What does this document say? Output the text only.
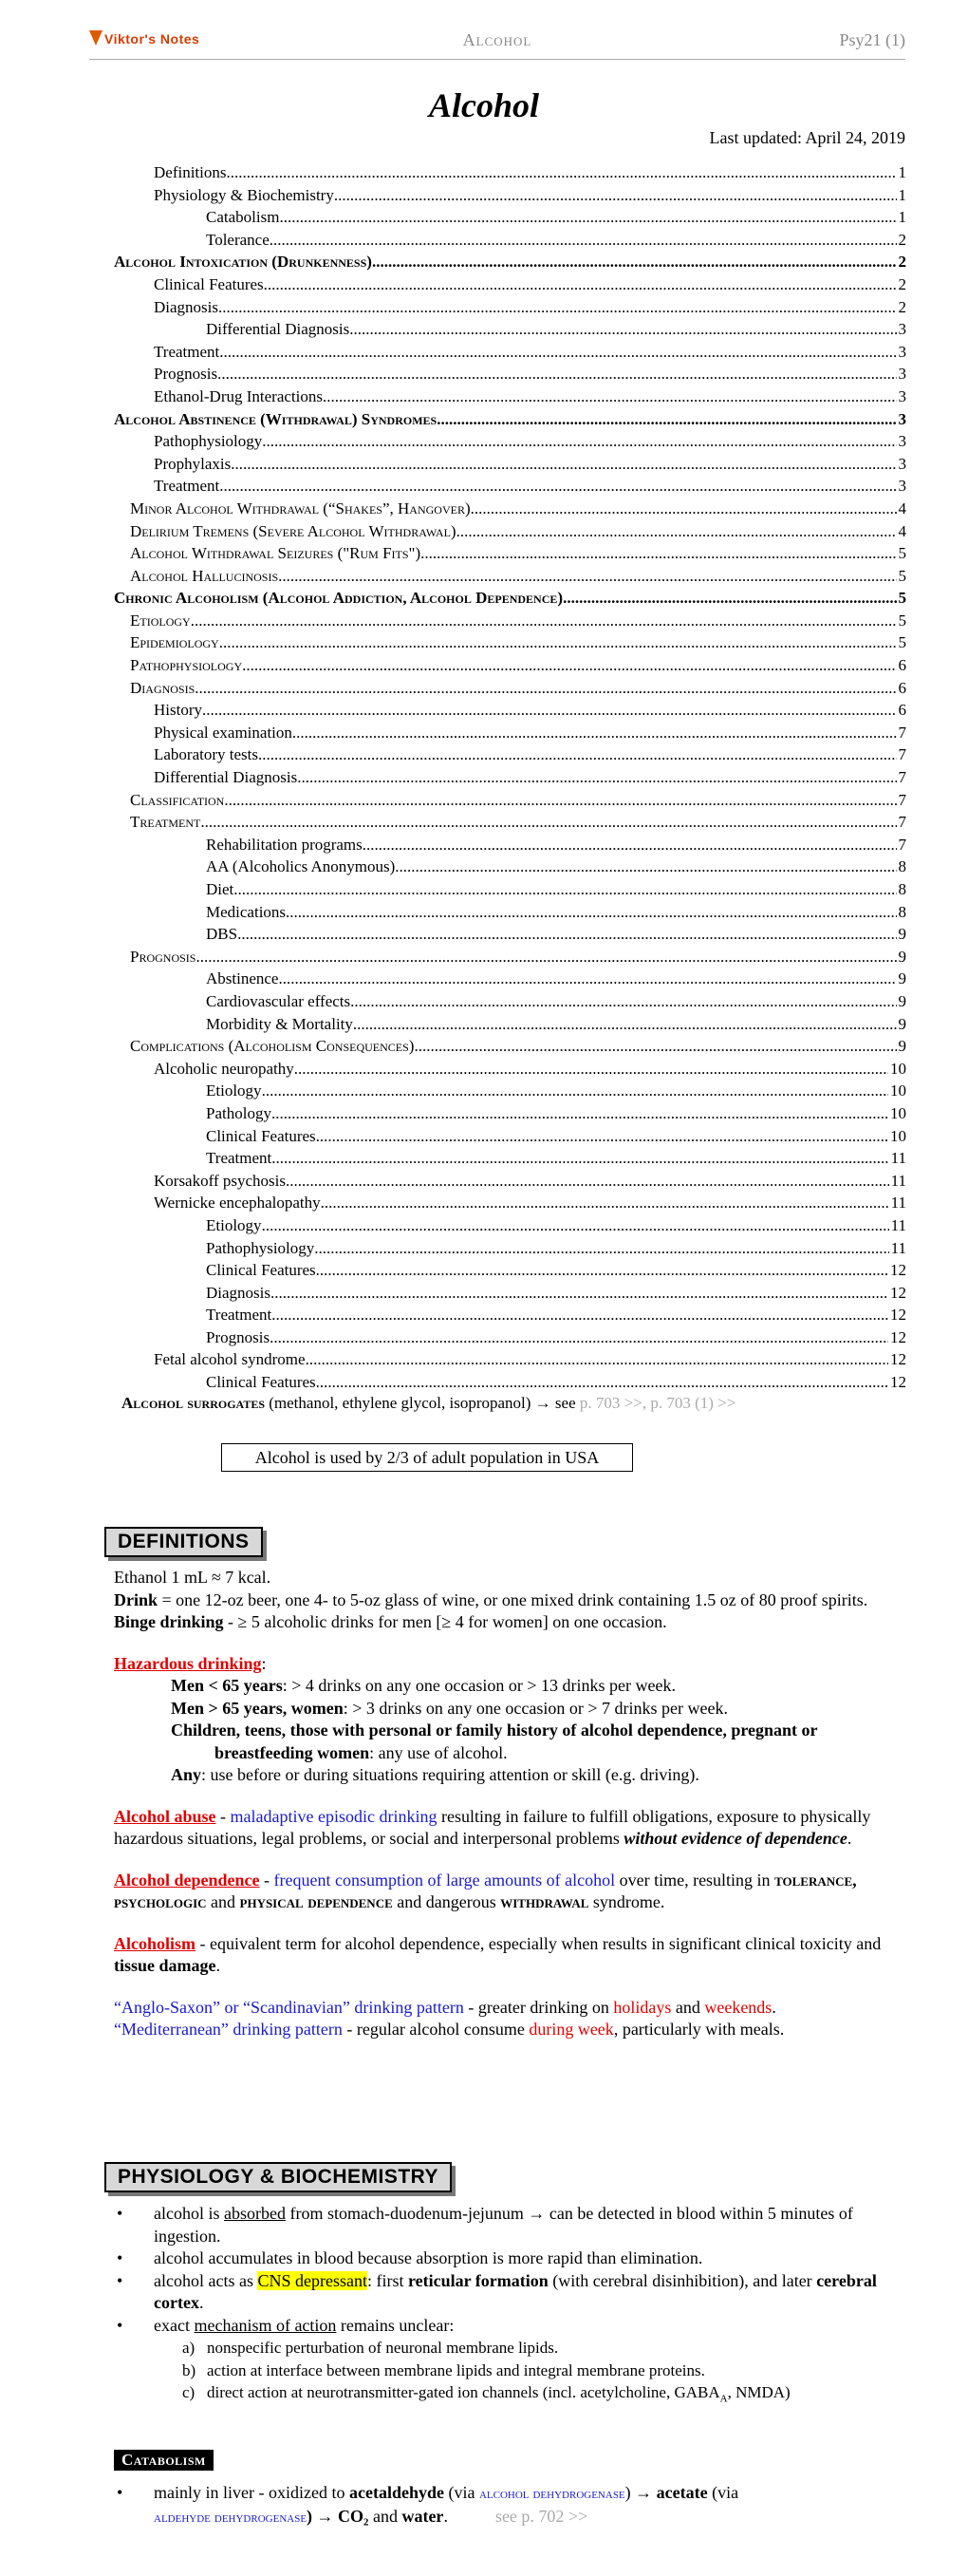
Viktor's Notes	Alcohol	Psy21 (1)
Alcohol
Last updated: April 24, 2019
Definitions .....	1
Physiology & Biochemistry .....	1
Catabolism .....	1
Tolerance .....	2
Alcohol Intoxication (Drunkenness) .....	2
Clinical Features .....	2
Diagnosis .....	2
Differential Diagnosis .....	3
Treatment .....	3
Prognosis .....	3
Ethanol-Drug Interactions .....	3
Alcohol Abstinence (Withdrawal) Syndromes .....	3
Pathophysiology .....	3
Prophylaxis .....	3
Treatment .....	3
Minor Alcohol Withdrawal (“Shakes”, Hangover) .....	4
Delirium Tremens (Severe Alcohol Withdrawal) .....	4
Alcohol Withdrawal Seizures ("Rum Fits") .....	5
Alcohol Hallucinosis .....	5
Chronic Alcoholism (Alcohol Addiction, Alcohol Dependence) .....	5
Etiology .....	5
Epidemiology .....	5
Pathophysiology .....	6
Diagnosis .....	6
History .....	6
Physical examination .....	7
Laboratory tests .....	7
Differential Diagnosis .....	7
Classification .....	7
Treatment .....	7
Rehabilitation programs .....	7
AA (Alcoholics Anonymous) .....	8
Diet .....	8
Medications .....	8
DBS .....	9
Prognosis .....	9
Abstinence .....	9
Cardiovascular effects .....	9
Morbidity & Mortality .....	9
Complications (Alcoholism Consequences) .....	9
Alcoholic neuropathy .....	10
Etiology .....	10
Pathology .....	10
Clinical Features .....	10
Treatment .....	11
Korsakoff psychosis .....	11
Wernicke encephalopathy .....	11
Etiology .....	11
Pathophysiology .....	11
Clinical Features .....	12
Diagnosis .....	12
Treatment .....	12
Prognosis .....	12
Fetal alcohol syndrome .....	12
Clinical Features .....	12
Alcohol surrogates (methanol, ethylene glycol, isopropanol) → see p. 703 >>, p. 703 (1) >>
Alcohol is used by 2/3 of adult population in USA
DEFINITIONS
Ethanol 1 mL ≈ 7 kcal.
Drink = one 12-oz beer, one 4- to 5-oz glass of wine, or one mixed drink containing 1.5 oz of 80 proof spirits.
Binge drinking - ≥ 5 alcoholic drinks for men [≥ 4 for women] on one occasion.
Hazardous drinking:
Men < 65 years: > 4 drinks on any one occasion or > 13 drinks per week.
Men > 65 years, women: > 3 drinks on any one occasion or > 7 drinks per week.
Children, teens, those with personal or family history of alcohol dependence, pregnant or breastfeeding women: any use of alcohol.
Any: use before or during situations requiring attention or skill (e.g. driving).
Alcohol abuse - maladaptive episodic drinking resulting in failure to fulfill obligations, exposure to physically hazardous situations, legal problems, or social and interpersonal problems without evidence of dependence.
Alcohol dependence - frequent consumption of large amounts of alcohol over time, resulting in tolerance, psychologic and physical dependence and dangerous withdrawal syndrome.
Alcoholism - equivalent term for alcohol dependence, especially when results in significant clinical toxicity and tissue damage.
“Anglo-Saxon” or “Scandinavian” drinking pattern - greater drinking on holidays and weekends.
“Mediterranean” drinking pattern - regular alcohol consume during week, particularly with meals.
PHYSIOLOGY & BIOCHEMISTRY
• alcohol is absorbed from stomach-duodenum-jejunum → can be detected in blood within 5 minutes of ingestion.
• alcohol accumulates in blood because absorption is more rapid than elimination.
• alcohol acts as CNS depressant: first reticular formation (with cerebral disinhibition), and later cerebral cortex.
• exact mechanism of action remains unclear:
a) nonspecific perturbation of neuronal membrane lipids.
b) action at interface between membrane lipids and integral membrane proteins.
c) direct action at neurotransmitter-gated ion channels (incl. acetylcholine, $GABA_A$, NMDA)
Catabolism
• mainly in liver - oxidized to acetaldehyde (via alcohol dehydrogenase) → acetate (via
aldehyde dehydrogenase) → CO₂ and water.	see p. 702 >>
